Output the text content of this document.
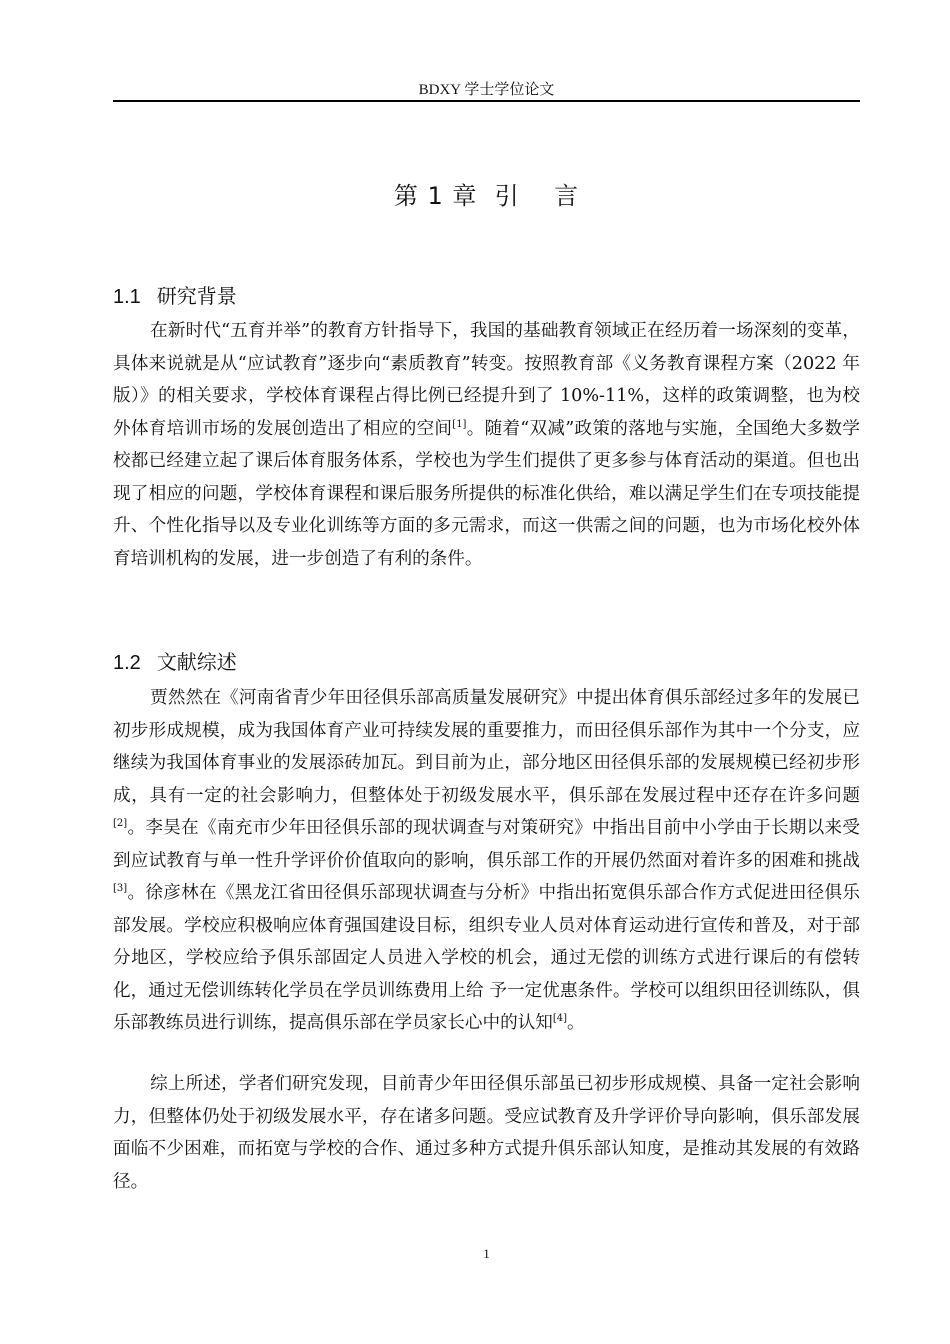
BDXY 学士学位论文
第 1 章  引    言
1.1 研究背景

在新时代“五育并举”的教育方针指导下，我国的基础教育领域正在经历着一场深刻的变革，具体来说就是从“应试教育”逐步向“素质教育”转变。按照教育部《义务教育课程方案（2022 年版）》的相关要求，学校体育课程占得比例已经提升到了 10%-11%，这样的政策调整，也为校外体育培训市场的发展创造出了相应的空间[1]。随着“双减”政策的落地与实施，全国绝大多数学校都已经建立起了课后体育服务体系，学校也为学生们提供了更多参与体育活动的渠道。但也出现了相应的问题，学校体育课程和课后服务所提供的标准化供给，难以满足学生们在专项技能提升、个性化指导以及专业化训练等方面的多元需求，而这一供需之间的问题，也为市场化校外体育培训机构的发展，进一步创造了有利的条件。

1.2 文献综述

贾然然在《河南省青少年田径俱乐部高质量发展研究》中提出体育俱乐部经过多年的发展已初步形成规模，成为我国体育产业可持续发展的重要推力，而田径俱乐部作为其中一个分支，应继续为我国体育事业的发展添砖加瓦。到目前为止，部分地区田径俱乐部的发展规模已经初步形成，具有一定的社会影响力，但整体处于初级发展水平，俱乐部在发展过程中还存在许多问题[2]。李昊在《南充市少年田径俱乐部的现状调查与对策研究》中指出目前中小学由于长期以来受到应试教育与单一性升学评价价值取向的影响，俱乐部工作的开展仍然面对着许多的困难和挑战[3]。徐彦林在《黑龙江省田径俱乐部现状调查与分析》中指出拓宽俱乐部合作方式促进田径俱乐部发展。学校应积极响应体育强国建设目标，组织专业人员对体育运动进行宣传和普及，对于部分地区，学校应给予俱乐部固定人员进入学校的机会，通过无偿的训练方式进行课后的有偿转化，通过无偿训练转化学员在学员训练费用上给 予一定优惠条件。学校可以组织田径训练队，俱乐部教练员进行训练，提高俱乐部在学员家长心中的认知[4]。

综上所述，学者们研究发现，目前青少年田径俱乐部虽已初步形成规模、具备一定社会影响力，但整体仍处于初级发展水平，存在诸多问题。受应试教育及升学评价导向影响，俱乐部发展面临不少困难，而拓宽与学校的合作、通过多种方式提升俱乐部认知度，是推动其发展的有效路径。

1
